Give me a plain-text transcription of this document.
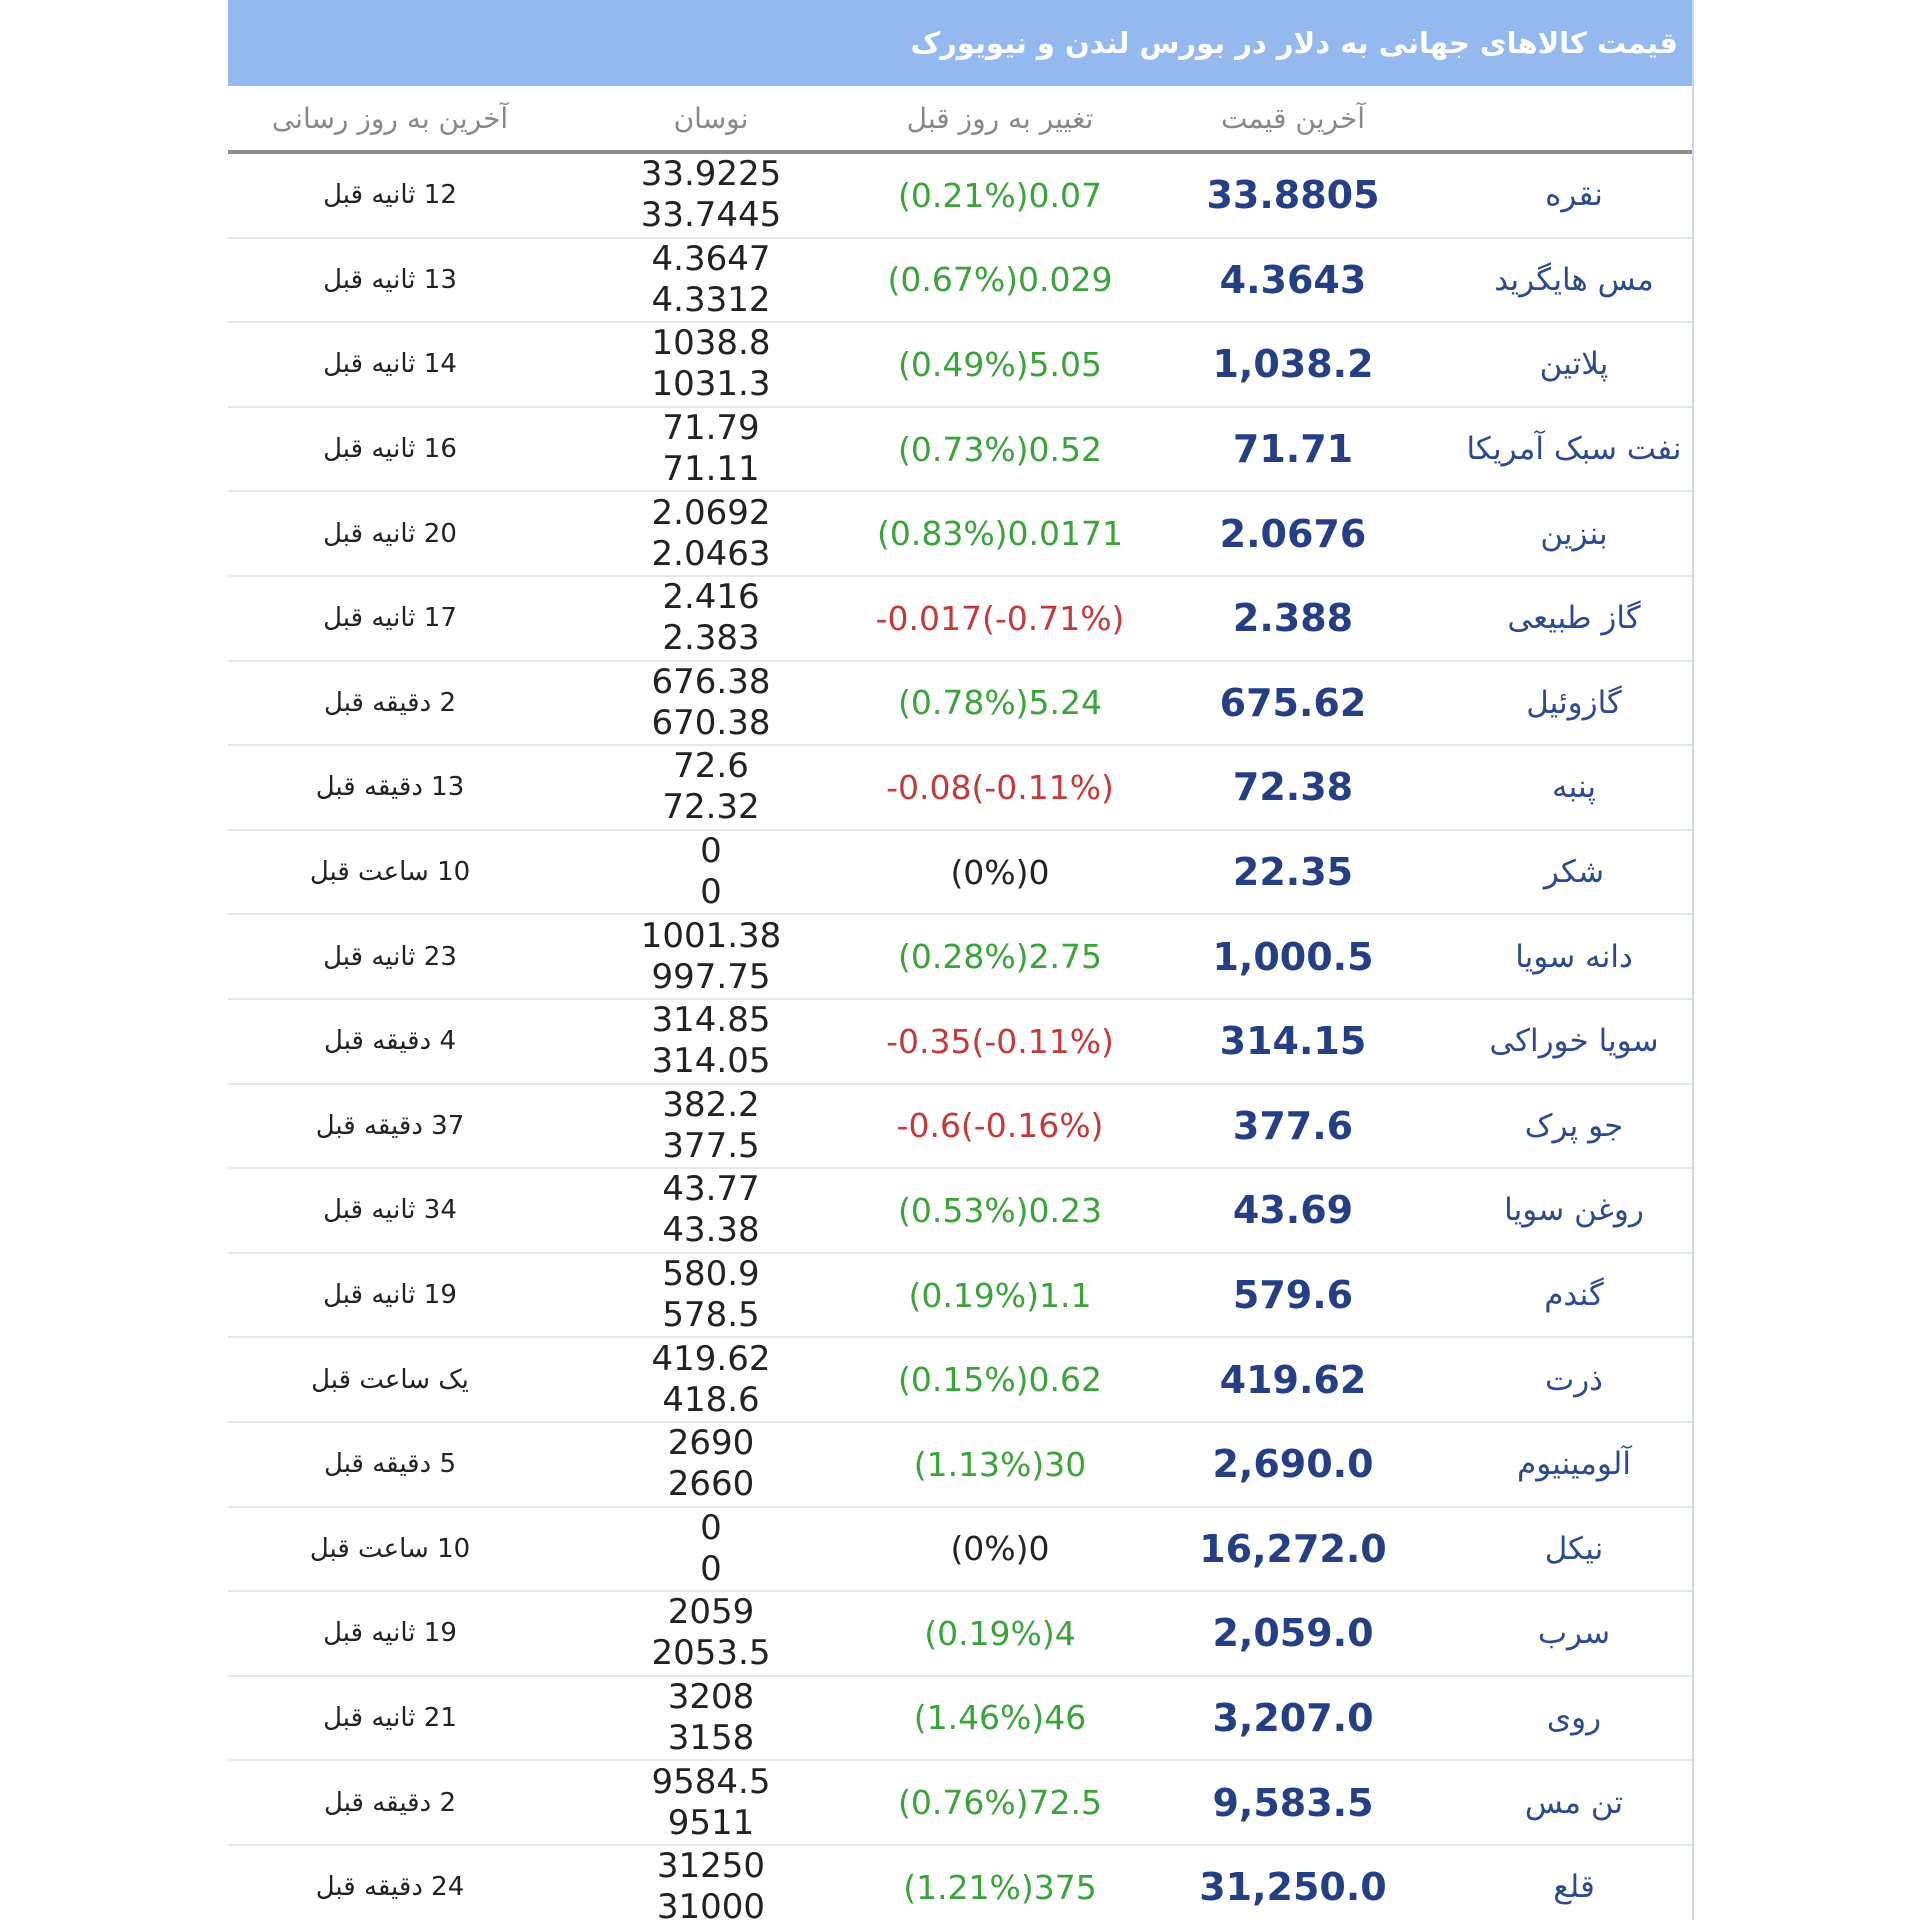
قیمت کالاهای جهانی به دلار در بورس لندن و نیویورک
آخرین قیمت
تغییر به روز قبل
نوسان
آخرین به روز رسانی
نقره
33.8805
(0.21%)0.07
33.9225
33.7445
12 ثانیه قبل
مس هایگرید
4.3643
(0.67%)0.029
4.3647
4.3312
13 ثانیه قبل
پلاتین
1,038.2
(0.49%)5.05
1038.8
1031.3
14 ثانیه قبل
نفت سبک آمریکا
71.71
(0.73%)0.52
71.79
71.11
16 ثانیه قبل
بنزین
2.0676
(0.83%)0.0171
2.0692
2.0463
20 ثانیه قبل
گاز طبیعی
2.388
-0.017(-0.71%)
2.416
2.383
17 ثانیه قبل
گازوئیل
675.62
(0.78%)5.24
676.38
670.38
2 دقیقه قبل
پنبه
72.38
-0.08(-0.11%)
72.6
72.32
13 دقیقه قبل
شکر
22.35
(0%)0
0
0
10 ساعت قبل
دانه سویا
1,000.5
(0.28%)2.75
1001.38
997.75
23 ثانیه قبل
سویا خوراکی
314.15
-0.35(-0.11%)
314.85
314.05
4 دقیقه قبل
جو پرک
377.6
-0.6(-0.16%)
382.2
377.5
37 دقیقه قبل
روغن سویا
43.69
(0.53%)0.23
43.77
43.38
34 ثانیه قبل
گندم
579.6
(0.19%)1.1
580.9
578.5
19 ثانیه قبل
ذرت
419.62
(0.15%)0.62
419.62
418.6
یک ساعت قبل
آلومینیوم
2,690.0
(1.13%)30
2690
2660
5 دقیقه قبل
نیکل
16,272.0
(0%)0
0
0
10 ساعت قبل
سرب
2,059.0
(0.19%)4
2059
2053.5
19 ثانیه قبل
روی
3,207.0
(1.46%)46
3208
3158
21 ثانیه قبل
تن مس
9,583.5
(0.76%)72.5
9584.5
9511
2 دقیقه قبل
قلع
31,250.0
(1.21%)375
31250
31000
24 دقیقه قبل
